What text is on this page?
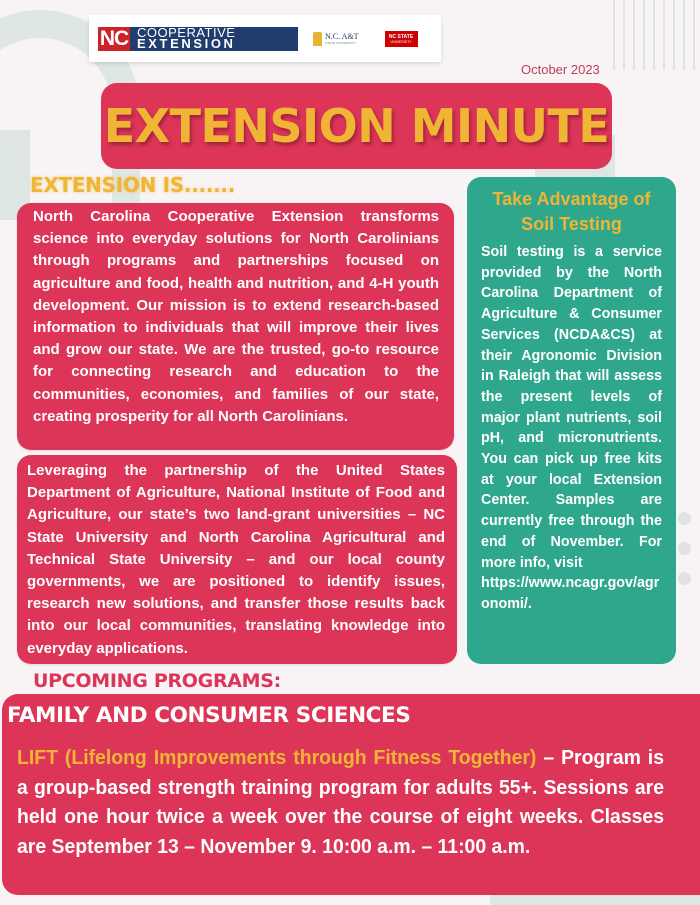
NC COOPERATIVE
EXTENSION	N.C. A&T
STATE UNIVERSITY
NC STATE
UNIVERSITY
October 2023
EXTENSION MINUTE
EXTENSION IS.......

North Carolina Cooperative Extension transforms science into everyday solutions for North Carolinians through programs and partnerships focused on agriculture and food, health and nutrition, and 4-H youth development. Our mission is to extend research-based information to individuals that will improve their lives and grow our state. We are the trusted, go-to resource for connecting research and education to the communities, economies, and families of our state, creating prosperity for all North Carolinians.

Leveraging the partnership of the United States Department of Agriculture, National Institute of Food and Agriculture, our state’s two land-grant universities – NC State University and North Carolina Agricultural and Technical State University – and our local county governments, we are positioned to identify issues, research new solutions, and transfer those results back into our local communities, translating knowledge into everyday applications.

Take Advantage of Soil Testing

Soil testing is a service provided by the North Carolina Department of Agriculture & Consumer Services (NCDA&CS) at their Agronomic Division in Raleigh that will assess the present levels of major plant nutrients, soil pH, and micronutrients. You can pick up free kits at your local Extension Center. Samples are currently free through the end of November. For more info, visit

https://www.ncagr.gov/agronomi/.

UPCOMING PROGRAMS:
FAMILY AND CONSUMER SCIENCES
LIFT (Lifelong Improvements through Fitness Together) – Program is a group-based strength training program for adults 55+. Sessions are held one hour twice a week over the course of eight weeks. Classes are September 13 – November 9. 10:00 a.m. – 11:00 a.m.
